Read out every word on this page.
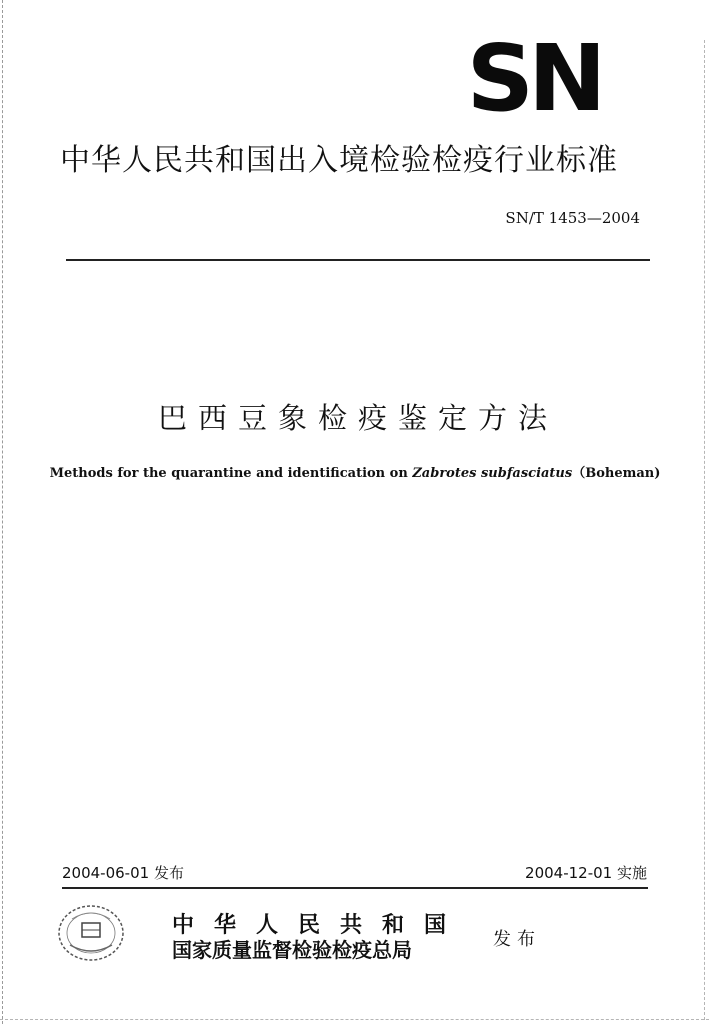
SN
中华人民共和国出入境检验检疫行业标准
SN/T 1453—2004
巴西豆象检疫鉴定方法
Methods for the quarantine and identification on Zabrotes subfasciatus（Boheman)
2004-06-01 发布	2004-12-01 实施
中华人民共和国
国家质量监督检验检疫总局	发布
